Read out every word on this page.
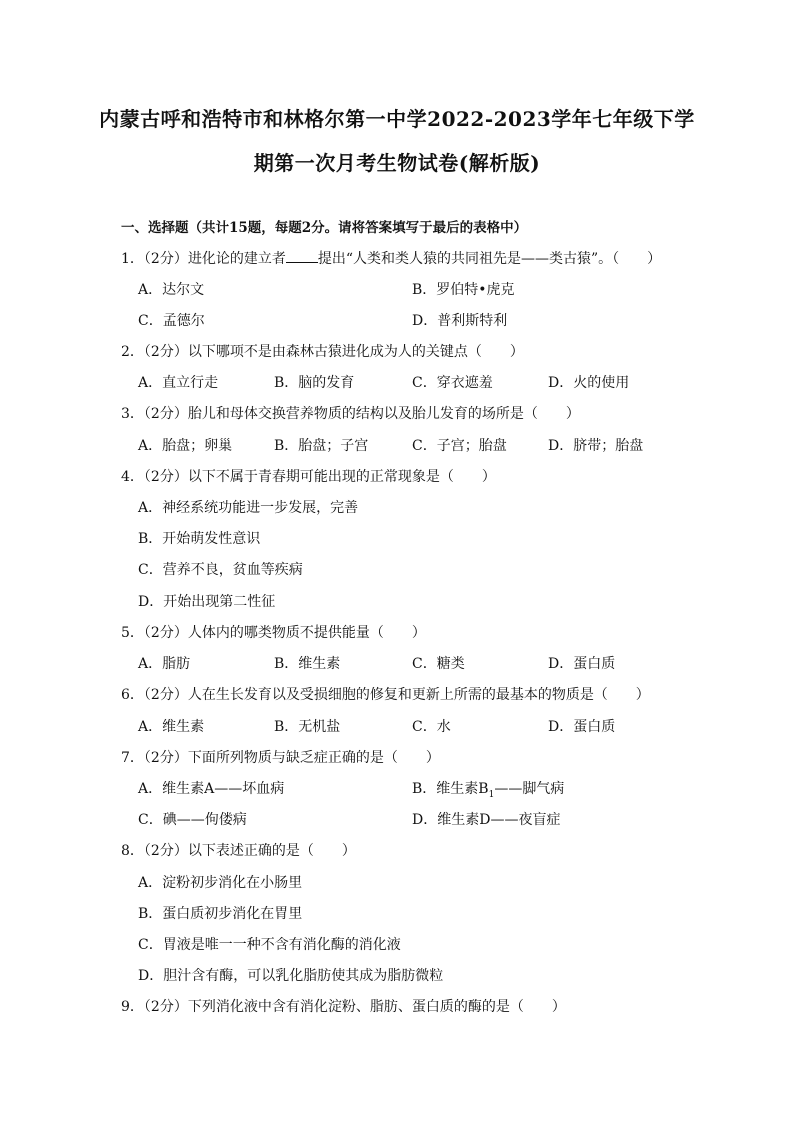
内蒙古呼和浩特市和林格尔第一中学2022-2023学年七年级下学
期第一次月考生物试卷(解析版)
一、选择题（共计15题，每题2分。请将答案填写于最后的表格中）
1．（2分）进化论的建立者 提出“人类和类人猿的共同祖先是——类古猿”。（　　）
A．达尔文	B．罗伯特•虎克
C．孟德尔	D．普利斯特利
2．（2分）以下哪项不是由森林古猿进化成为人的关键点（　　）
A．直立行走	B．脑的发育	C．穿衣遮羞	D．火的使用
3．（2分）胎儿和母体交换营养物质的结构以及胎儿发育的场所是（　　）
A．胎盘；卵巢	B．胎盘；子宫	C．子宫；胎盘	D．脐带；胎盘
4．（2分）以下不属于青春期可能出现的正常现象是（　　）
A．神经系统功能进一步发展，完善
B．开始萌发性意识
C．营养不良，贫血等疾病
D．开始出现第二性征
5．（2分）人体内的哪类物质不提供能量（　　）
A．脂肪	B．维生素	C．糖类	D．蛋白质
6．（2分）人在生长发育以及受损细胞的修复和更新上所需的最基本的物质是（　　）
A．维生素	B．无机盐	C．水	D．蛋白质
7．（2分）下面所列物质与缺乏症正确的是（　　）
A．维生素A——坏血病	B．维生素$B_1——$脚气病
C．碘——佝偻病	D．维生素D——夜盲症
8．（2分）以下表述正确的是（　　）
A．淀粉初步消化在小肠里
B．蛋白质初步消化在胃里
C．胃液是唯一一种不含有消化酶的消化液
D．胆汁含有酶，可以乳化脂肪使其成为脂肪微粒
9．（2分）下列消化液中含有消化淀粉、脂肪、蛋白质的酶的是（　　）
